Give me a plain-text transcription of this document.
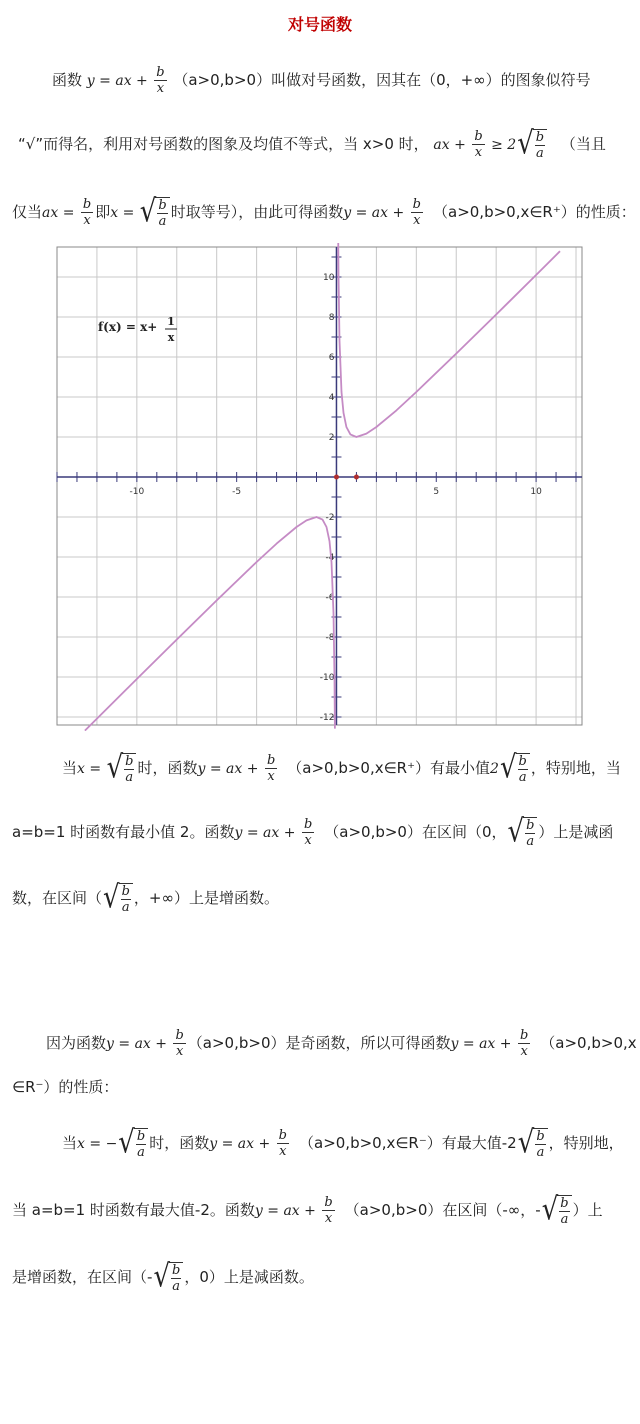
对号函数
函数 y = ax + $\frac{b}{x} (a>0,b>0)$叫做对号函数，因其在（0，+∞）的图象似符号
“√”而得名，利用对号函数的图象及均值不等式，当 x>0 时， ax + $\frac{b}{x} \ge 2√ \frac{b}{a}$ （当且
仅当ax = $\frac{b}{x}$ 即x = √ $\frac{b}{a}$ 时取等号），由此可得函数y = ax + $\frac{b}{x}$ （a>0,b>0,x∈R⁺）的性质：
-10	-5	5	10
-12
-10
-8
-6
-4
-2
2
4
6
8
10
f(x) = x+ 1
x
当x = √ $\frac{b}{a}$ 时，函数y = ax + $\frac{b}{x}$ （a>0,b>0,x∈R⁺）有最小值$2√ \frac{b}{a}$ ，特别地，当
a=b=1 时函数有最小值 2。函数y = ax + $\frac{b}{x} (a>0,b>0)$在区间（0，√ $\frac{b}{a}$ ）上是减函
数，在区间（√ $\frac{b}{a}$ ，+∞）上是增函数。
因为函数y = ax + $\frac{b}{x} (a>0,b>0)$是奇函数，所以可得函数y = ax + $\frac{b}{x} (a>0,b>0,x$
∈R⁻）的性质：
当x = −√ $\frac{b}{a}$ 时，函数y = ax + $\frac{b}{x}$ （a>0,b>0,x∈R⁻）有最大值$-2√ \frac{b}{a}$ ，特别地，
当 a=b=1 时函数有最大值-2。函数y = ax + $\frac{b}{x} (a>0,b>0)$在区间（-∞，-√ $\frac{b}{a}$ ）上
是增函数，在区间（-√ $\frac{b}{a}$ ，0）上是减函数。
